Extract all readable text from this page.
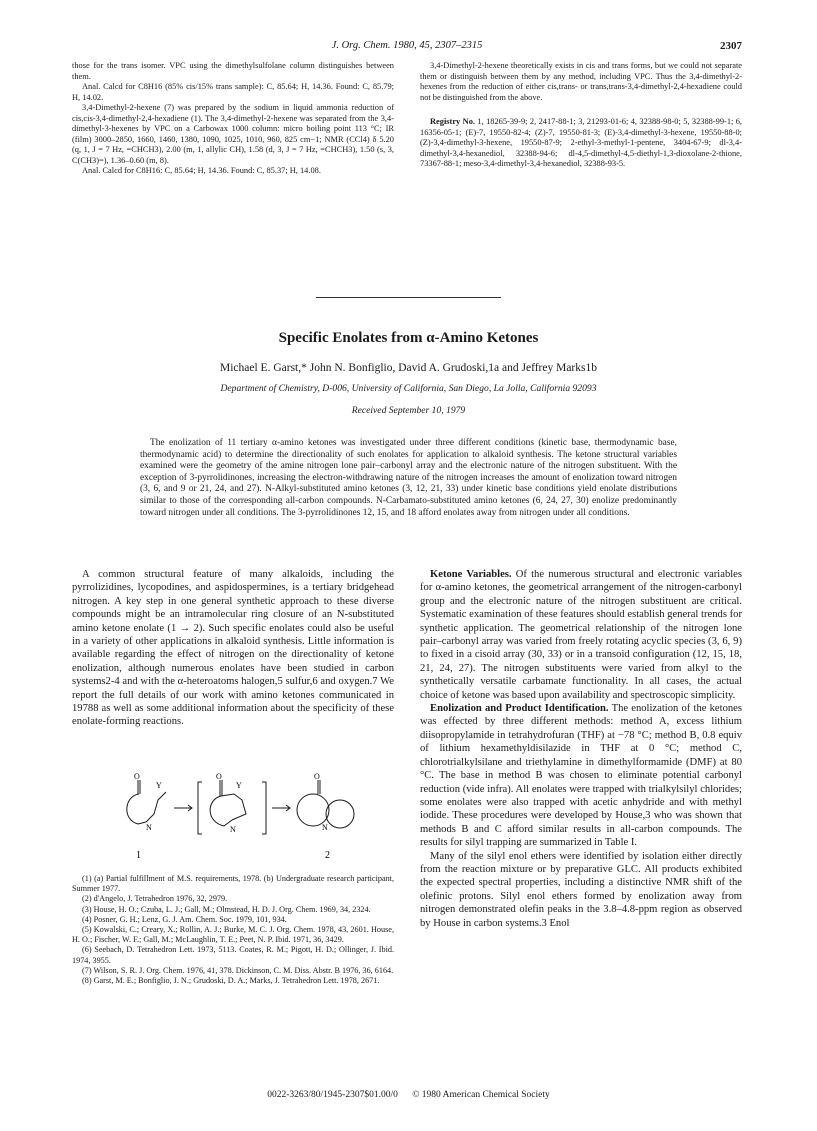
J. Org. Chem. 1980, 45, 2307–2315	2307

those for the trans isomer. VPC using the dimethylsulfolane column distinguishes between them.

Anal. Calcd for C8H16 (85% cis/15% trans sample): C, 85.64; H, 14.36. Found: C, 85.79; H, 14.02.

3,4-Dimethyl-2-hexene (7) was prepared by the sodium in liquid ammonia reduction of cis,cis-3,4-dimethyl-2,4-hexadiene (1). The 3,4-dimethyl-2-hexene was separated from the 3,4-dimethyl-3-hexenes by VPC on a Carbowax 1000 column: micro boiling point 113 °C; IR (film) 3000–2850, 1660, 1460, 1380, 1090, 1025, 1010, 960, 825 cm−1; NMR (CCl4) δ 5.20 (q, 1, J = 7 Hz, =CHCH3), 2.00 (m, 1, allylic CH), 1.58 (d, 3, J = 7 Hz, =CHCH3), 1.50 (s, 3, C(CH3)=), 1.36–0.60 (m, 8).

Anal. Calcd for C8H16: C, 85.64; H, 14.36. Found: C, 85.37; H, 14.08.

3,4-Dimethyl-2-hexene theoretically exists in cis and trans forms, but we could not separate them or distinguish between them by any method, including VPC. Thus the 3,4-dimethyl-2-hexenes from the reduction of either cis,trans- or trans,trans-3,4-dimethyl-2,4-hexadiene could not be distinguished from the above.

Registry No. 1, 18265-39-9; 2, 2417-88-1; 3, 21293-01-6; 4, 32388-98-0; 5, 32388-99-1; 6, 16356-05-1; (E)-7, 19550-82-4; (Z)-7, 19550-81-3; (E)-3,4-dimethyl-3-hexene, 19550-88-0; (Z)-3,4-dimethyl-3-hexene, 19550-87-9; 2-ethyl-3-methyl-1-pentene, 3404-67-9; dl-3,4-dimethyl-3,4-hexanediol, 32388-94-6; dl-4,5-dimethyl-4,5-diethyl-1,3-dioxolane-2-thione, 73367-88-1; meso-3,4-dimethyl-3,4-hexanediol, 32388-93-5.

Specific Enolates from α-Amino Ketones
Michael E. Garst,* John N. Bonfiglio, David A. Grudoski,1a and Jeffrey Marks1b
Department of Chemistry, D-006, University of California, San Diego, La Jolla, California 92093
Received September 10, 1979

The enolization of 11 tertiary α-amino ketones was investigated under three different conditions (kinetic base, thermodynamic base, thermodynamic acid) to determine the directionality of such enolates for application to alkaloid synthesis. The ketone structural variables examined were the geometry of the amine nitrogen lone pair–carbonyl array and the electronic nature of the nitrogen substituent. With the exception of 3-pyrrolidinones, increasing the electron-withdrawing nature of the nitrogen increases the amount of enolization toward nitrogen (3, 6, and 9 or 21, 24, and 27). N-Alkyl-substituted amino ketones (3, 12, 21, 33) under kinetic base conditions yield enolate distributions similar to those of the corresponding all-carbon compounds. N-Carbamato-substituted amino ketones (6, 24, 27, 30) enolize predominantly toward nitrogen under all conditions. The 3-pyrrolidinones 12, 15, and 18 afford enolates away from nitrogen under all conditions.

A common structural feature of many alkaloids, including the pyrrolizidines, lycopodines, and aspidospermines, is a tertiary bridgehead nitrogen. A key step in one general synthetic approach to these diverse compounds might be an intramolecular ring closure of an N-substituted amino ketone enolate (1 → 2). Such specific enolates could also be useful in a variety of other applications in alkaloid synthesis. Little information is available regarding the effect of nitrogen on the directionality of ketone enolization, although numerous enolates have been studied in carbon systems2-4 and with the α-heteroatoms halogen,5 sulfur,6 and oxygen.7 We report the full details of our work with amino ketones communicated in 19788 as well as some additional information about the specificity of these enolate-forming reactions.

O
Y
N
O
Y
N
O
N
1	2

(1) (a) Partial fulfillment of M.S. requirements, 1978. (b) Undergraduate research participant, Summer 1977.

(2) d'Angelo, J. Tetrahedron 1976, 32, 2979.

(3) House, H. O.; Czuba, L. J.; Gall, M.; Olmstead, H. D. J. Org. Chem. 1969, 34, 2324.

(4) Posner, G. H.; Lenz, G. J. Am. Chem. Soc. 1979, 101, 934.

(5) Kowalski, C.; Creary, X.; Rollin, A. J.; Burke, M. C. J. Org. Chem. 1978, 43, 2601. House, H. O.; Fischer, W. F.; Gall, M.; McLaughlin, T. E.; Peet, N. P. Ibid. 1971, 36, 3429.

(6) Seebach, D. Tetrahedron Lett. 1973, 5113. Coates, R. M.; Pigott, H. D.; Ollinger, J. Ibid. 1974, 3955.

(7) Wilson, S. R. J. Org. Chem. 1976, 41, 378. Dickinson, C. M. Diss. Abstr. B 1976, 36, 6164.

(8) Garst, M. E.; Bonfiglio, J. N.; Grudoski, D. A.; Marks, J. Tetrahedron Lett. 1978, 2671.

Ketone Variables. Of the numerous structural and electronic variables for α-amino ketones, the geometrical arrangement of the nitrogen-carbonyl group and the electronic nature of the nitrogen substituent are critical. Systematic examination of these features should establish general trends for synthetic application. The geometrical relationship of the nitrogen lone pair–carbonyl array was varied from freely rotating acyclic species (3, 6, 9) to fixed in a cisoid array (30, 33) or in a transoid configuration (12, 15, 18, 21, 24, 27). The nitrogen substituents were varied from alkyl to the synthetically versatile carbamate functionality. In all cases, the actual choice of ketone was based upon availability and spectroscopic simplicity.

Enolization and Product Identification. The enolization of the ketones was effected by three different methods: method A, excess lithium diisopropylamide in tetrahydrofuran (THF) at −78 °C; method B, 0.8 equiv of lithium hexamethyldisilazide in THF at 0 °C; method C, chlorotrialkylsilane and triethylamine in dimethylformamide (DMF) at 80 °C. The base in method B was chosen to eliminate potential carbonyl reduction (vide infra). All enolates were trapped with trialkylsilyl chlorides; some enolates were also trapped with acetic anhydride and with methyl iodide. These procedures were developed by House,3 who was shown that methods B and C afford similar results in all-carbon compounds. The results for silyl trapping are summarized in Table I.

Many of the silyl enol ethers were identified by isolation either directly from the reaction mixture or by preparative GLC. All products exhibited the expected spectral properties, including a distinctive NMR shift of the olefinic protons. Silyl enol ethers formed by enolization away from nitrogen demonstrated olefin peaks in the 3.8–4.8-ppm region as observed by House in carbon systems.3 Enol

0022-3263/80/1945-2307$01.00/0 © 1980 American Chemical Society
